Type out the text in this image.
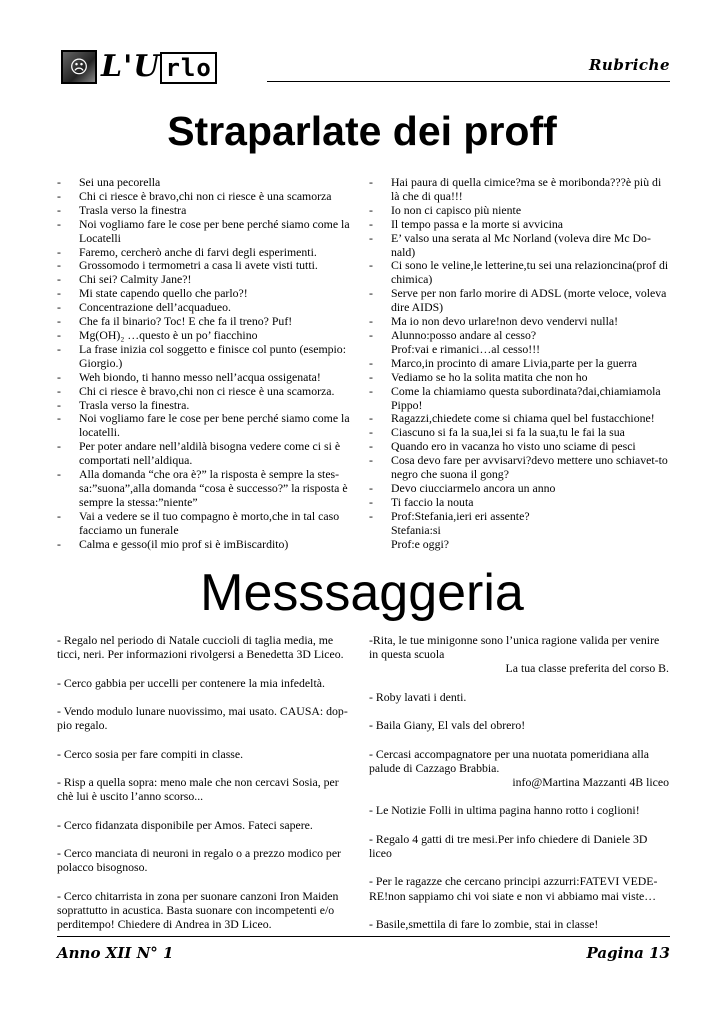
☹ L'U rlo	Rubriche
Straparlate dei proff
- Sei una pecorella
- Chi ci riesce è bravo,chi non ci riesce è una scamorza
- Trasla verso la finestra
- Noi vogliamo fare le cose per bene perché siamo come la Locatelli
- Faremo, cercherò anche di farvi degli esperimenti.
- Grossomodo i termometri a casa li avete visti tutti.
- Chi sei? Calmity Jane?!
- Mi state capendo quello che parlo?!
- Concentrazione dell’acquadueo.
- Che fa il binario? Toc! E che fa il treno? Puf!
- Mg(OH)₂ …questo è un po’ fiacchino
- La frase inizia col soggetto e finisce col punto (esempio: Giorgio.)
- Weh biondo, ti hanno messo nell’acqua ossigenata!
- Chi ci riesce è bravo,chi non ci riesce è una scamorza.
- Trasla verso la finestra.
- Noi vogliamo fare le cose per bene perché siamo come la locatelli.
- Per poter andare nell’aldilà bisogna vedere come ci si è comportati nell’aldiqua.
- Alla domanda “che ora è?” la risposta è sempre la stes-sa:”suona”,alla domanda “cosa è successo?” la risposta è sempre la stessa:”niente”
- Vai a vedere se il tuo compagno è morto,che in tal caso facciamo un funerale
- Calma e gesso(il mio prof si è imBiscardito)
- Hai paura di quella cimice?ma se è moribonda???è più di là che di qua!!!
- Io non ci capisco più niente
- Il tempo passa e la morte si avvicina
- E’ valso una serata al Mc Norland (voleva dire Mc Do-nald)
- Ci sono le veline,le letterine,tu sei una relazioncina(prof di chimica)
- Serve per non farlo morire di ADSL (morte veloce, voleva dire AIDS)
- Ma io non devo urlare!non devo vendervi nulla!
- Alunno:posso andare al cesso?
Prof:vai e rimanici…al cesso!!!
- Marco,in procinto di amare Livia,parte per la guerra
- Vediamo se ho la solita matita che non ho
- Come la chiamiamo questa subordinata?dai,chiamiamola Pippo!
- Ragazzi,chiedete come si chiama quel bel fustacchione!
- Ciascuno si fa la sua,lei si fa la sua,tu le fai la sua
- Quando ero in vacanza ho visto uno sciame di pesci
- Cosa devo fare per avvisarvi?devo mettere uno schiavet-to negro che suona il gong?
- Devo ciucciarmelo ancora un anno
- Ti faccio la nouta
- Prof:Stefania,ieri eri assente?
Stefania:si
Prof:e oggi?
Messsaggeria

- Regalo nel periodo di Natale cuccioli di taglia media, me ticci, neri. Per informazioni rivolgersi a Benedetta 3D Liceo.

- Cerco gabbia per uccelli per contenere la mia infedeltà.

- Vendo modulo lunare nuovissimo, mai usato. CAUSA: dop-pio regalo.

- Cerco sosia per fare compiti in classe.

- Risp a quella sopra: meno male che non cercavi Sosia, per chè lui è uscito l’anno scorso...

- Cerco fidanzata disponibile per Amos. Fateci sapere.

- Cerco manciata di neuroni in regalo o a prezzo modico per polacco bisognoso.

- Cerco chitarrista in zona per suonare canzoni Iron Maiden soprattutto in acustica. Basta suonare con incompetenti e/o perditempo! Chiedere di Andrea in 3D Liceo.

-Rita, le tue minigonne sono l’unica ragione valida per venire in questa scuola

La tua classe preferita del corso B.

- Roby lavati i denti.

- Baila Giany, El vals del obrero!

- Cercasi accompagnatore per una nuotata pomeridiana alla palude di Cazzago Brabbia.

info@Martina Mazzanti 4B liceo

- Le Notizie Folli in ultima pagina hanno rotto i coglioni!

- Regalo 4 gatti di tre mesi.Per info chiedere di Daniele 3D liceo

- Per le ragazze che cercano principi azzurri:FATEVI VEDE-RE!non sappiamo chi voi siate e non vi abbiamo mai viste…

- Basile,smettila di fare lo zombie, stai in classe!

Anno XII N° 1	Pagina 13
